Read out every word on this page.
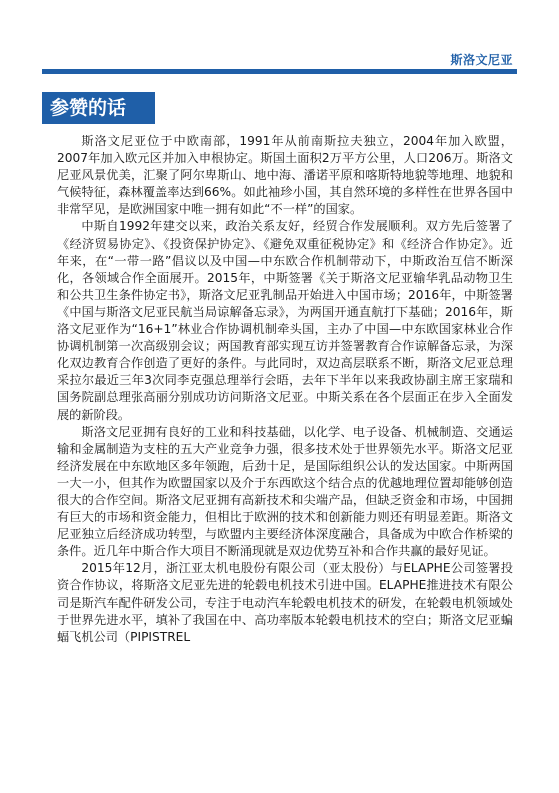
斯洛文尼亚
参赞的话

斯洛文尼亚位于中欧南部，1991年从前南斯拉夫独立，2004年加入欧盟，2007年加入欧元区并加入申根协定。斯国土面积2万平方公里，人口206万。斯洛文尼亚风景优美，汇聚了阿尔卑斯山、地中海、潘诺平原和喀斯特地貌等地理、地貌和气候特征，森林覆盖率达到66%。如此袖珍小国，其自然环境的多样性在世界各国中非常罕见，是欧洲国家中唯一拥有如此“不一样”的国家。

中斯自1992年建交以来，政治关系友好，经贸合作发展顺利。双方先后签署了《经济贸易协定》、《投资保护协定》、《避免双重征税协定》和《经济合作协定》。近年来，在“一带一路”倡议以及中国—中东欧合作机制带动下，中斯政治互信不断深化，各领域合作全面展开。2015年，中斯签署《关于斯洛文尼亚输华乳品动物卫生和公共卫生条件协定书》，斯洛文尼亚乳制品开始进入中国市场；2016年，中斯签署《中国与斯洛文尼亚民航当局谅解备忘录》，为两国开通直航打下基础；2016年，斯洛文尼亚作为“16+1”林业合作协调机制牵头国，主办了中国—中东欧国家林业合作协调机制第一次高级别会议；两国教育部实现互访并签署教育合作谅解备忘录，为深化双边教育合作创造了更好的条件。与此同时，双边高层联系不断，斯洛文尼亚总理采拉尔最近三年3次同李克强总理举行会晤，去年下半年以来我政协副主席王家瑞和国务院副总理张高丽分别成功访问斯洛文尼亚。中斯关系在各个层面正在步入全面发展的新阶段。

斯洛文尼亚拥有良好的工业和科技基础，以化学、电子设备、机械制造、交通运输和金属制造为支柱的五大产业竞争力强，很多技术处于世界领先水平。斯洛文尼亚经济发展在中东欧地区多年领跑，后劲十足，是国际组织公认的发达国家。中斯两国一大一小，但其作为欧盟国家以及介于东西欧这个结合点的优越地理位置却能够创造很大的合作空间。斯洛文尼亚拥有高新技术和尖端产品，但缺乏资金和市场，中国拥有巨大的市场和资金能力，但相比于欧洲的技术和创新能力则还有明显差距。斯洛文尼亚独立后经济成功转型，与欧盟内主要经济体深度融合，具备成为中欧合作桥梁的条件。近几年中斯合作大项目不断涌现就是双边优势互补和合作共赢的最好见证。

2015年12月，浙江亚太机电股份有限公司（亚太股份）与ELAPHE公司签署投资合作协议，将斯洛文尼亚先进的轮毂电机技术引进中国。ELAPHE推进技术有限公司是斯汽车配件研发公司，专注于电动汽车轮毂电机技术的研发，在轮毂电机领域处于世界先进水平，填补了我国在中、高功率版本轮毂电机技术的空白；斯洛文尼亚蝙蝠飞机公司（PIPISTREL
